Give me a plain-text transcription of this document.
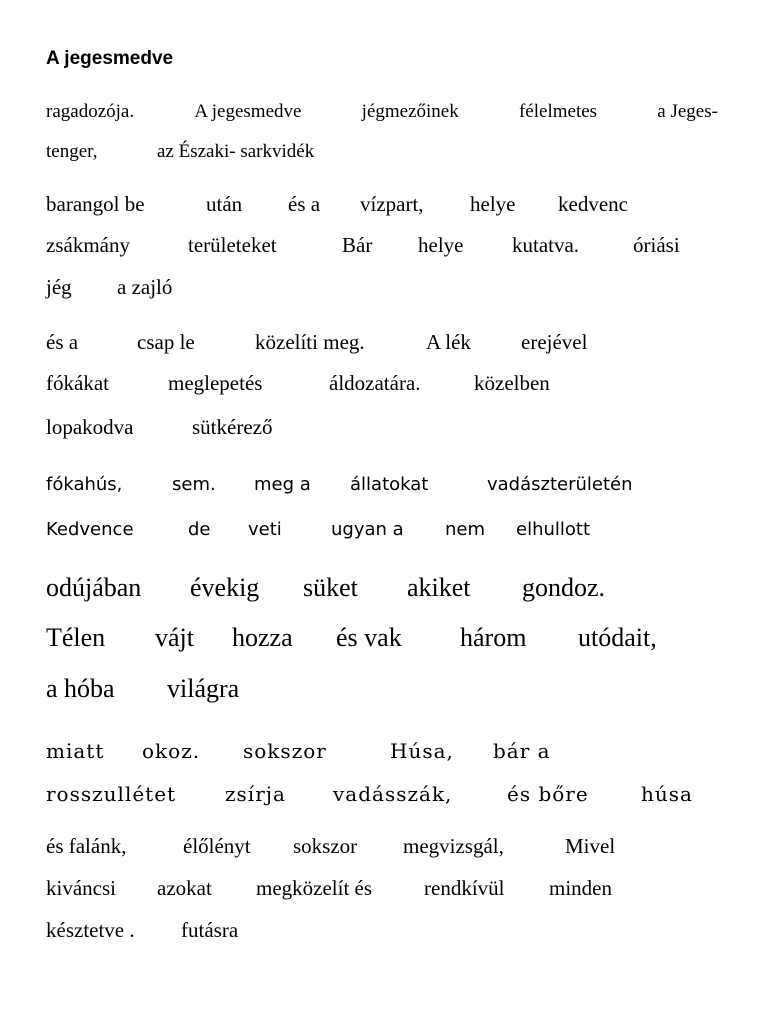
A jegesmedve
ragadozója.	A jegesmedve	jégmezőinek	félelmetes	a Jeges-
tenger,	az Északi- sarkvidék
barangol be	után	és a	vízpart,	helye	kedvenc
zsákmány	területeket	Bár	helye	kutatva.	óriási
jég	a zajló
és a	csap le	közelíti meg.	A lék	erejével
fókákat	meglepetés	áldozatára.	közelben
lopakodva	sütkérező
fókahús,	sem.	meg a	állatokat	vadászterületén
Kedvence	de	veti	ugyan a	nem	elhullott
odújában	évekig	süket	akiket	gondoz.
Télen	vájt	hozza	és vak	három	utódait,
a hóba	világra
miatt	okoz.	sokszor	Húsa,	bár a
rosszullétet	zsírja	vadásszák,	és bőre	húsa
és falánk,	élőlényt	sokszor	megvizsgál,	Mivel
kiváncsi	azokat	megközelít és	rendkívül	minden
késztetve .	futásra
